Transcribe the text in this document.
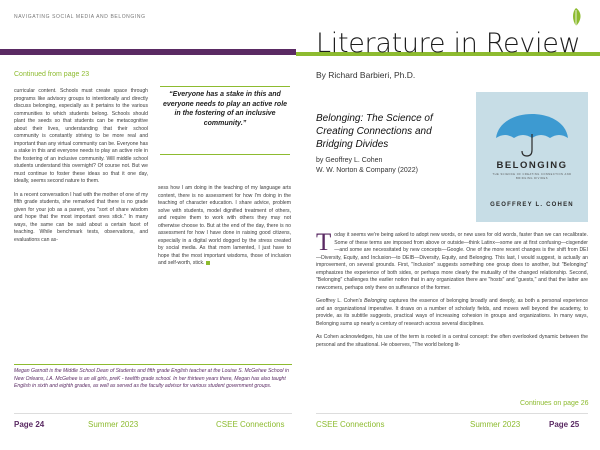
NAVIGATING SOCIAL MEDIA AND BELONGING
Literature in Review
Continued from page 23

curricular content. Schools must create space through programs like advisory groups to intentionally and directly discuss belonging, especially as it pertains to the various communities to which students belong. Schools should plant the seeds so that students can be metacognitive about their lives, understanding that their school community is constantly striving to be more real and important than any virtual community can be. Everyone has a stake in this and everyone needs to play an active role in the fostering of an inclusive community. Will middle school students understand this overnight? Of course not. But we must continue to foster these ideas so that it one day, ideally, seems second nature to them.

In a recent conversation I had with the mother of one of my fifth grade students, she remarked that there is no grade given for your job as a parent, you "sort of share wisdom and hope that the most important ones stick." In many ways, the same can be said about a certain facet of teaching. While benchmark tests, observations, and evaluations can as-

“Everyone has a stake in this and everyone needs to play an active role in the fostering of an inclusive community.”

sess how I am doing in the teaching of my language arts content, there is no assessment for how I'm doing in the teaching of character education. I share advice, problem solve with students, model dignified treatment of others, and require them to work with others they may not otherwise choose to. But at the end of the day, there is no assessment for how I have done in raising good citizens, especially in a digital world dogged by the stress created by social media. As that mom lamented, I just have to hope that the most important wisdoms, those of inclusion and self-worth, stick.

Megan Garnott is the Middle School Dean of Students and fifth grade English teacher at the Louise S. McGehee School in New Orleans, LA. McGehee is an all girls, preK - twelfth grade school. In her thirteen years there, Megan has also taught English in sixth and eighth grades, as well as served as the faculty advisor for various student government groups.
By Richard Barbieri, Ph.D.
Belonging: The Science of Creating Connections and Bridging Divides
by Geoffrey L. Cohen
W. W. Norton & Company (2022)	BELONGING
THE SCIENCE OF CREATING CONNECTION AND BRIDGING DIVIDES
GEOFFREY L. COHEN

Today it seems we're being asked to adopt new words, or new uses for old words, faster than we can recalibrate. Some of these terms are imposed from above or outside—think Latinx—some are at first confusing—cisgender—and some are necessitated by new concepts—Google. One of the more recent changes is the shift from DEI—Diversity, Equity, and Inclusion—to DEIB—Diversity, Equity, and Belonging. This last, I would suggest, is actually an improvement, on several grounds. First, "Inclusion" suggests something one group does to another, but "Belonging" emphasizes the experience of both sides, or perhaps more clearly the mutuality of the changed relationship. Second, "Belonging" challenges the earlier notion that in any organization there are "hosts" and "guests," and that the latter are newcomers, perhaps only there on sufferance of the former.

Geoffrey L. Cohen's Belonging captures the essence of belonging broadly and deeply, as both a personal experience and an organizational imperative. It draws on a number of scholarly fields, and moves well beyond the academy, to provide, as its subtitle suggests, practical ways of increasing cohesion in groups and organizations. In many ways, Belonging sums up nearly a century of research across several disciplines.

As Cohen acknowledges, his use of the term is rooted in a central concept: the often overlooked dynamic between the personal and the situational. He observes, "The world belong lit-

Continues on page 26
Page 24	Summer 2023	CSEE Connections	CSEE Connections	Summer 2023	Page 25
